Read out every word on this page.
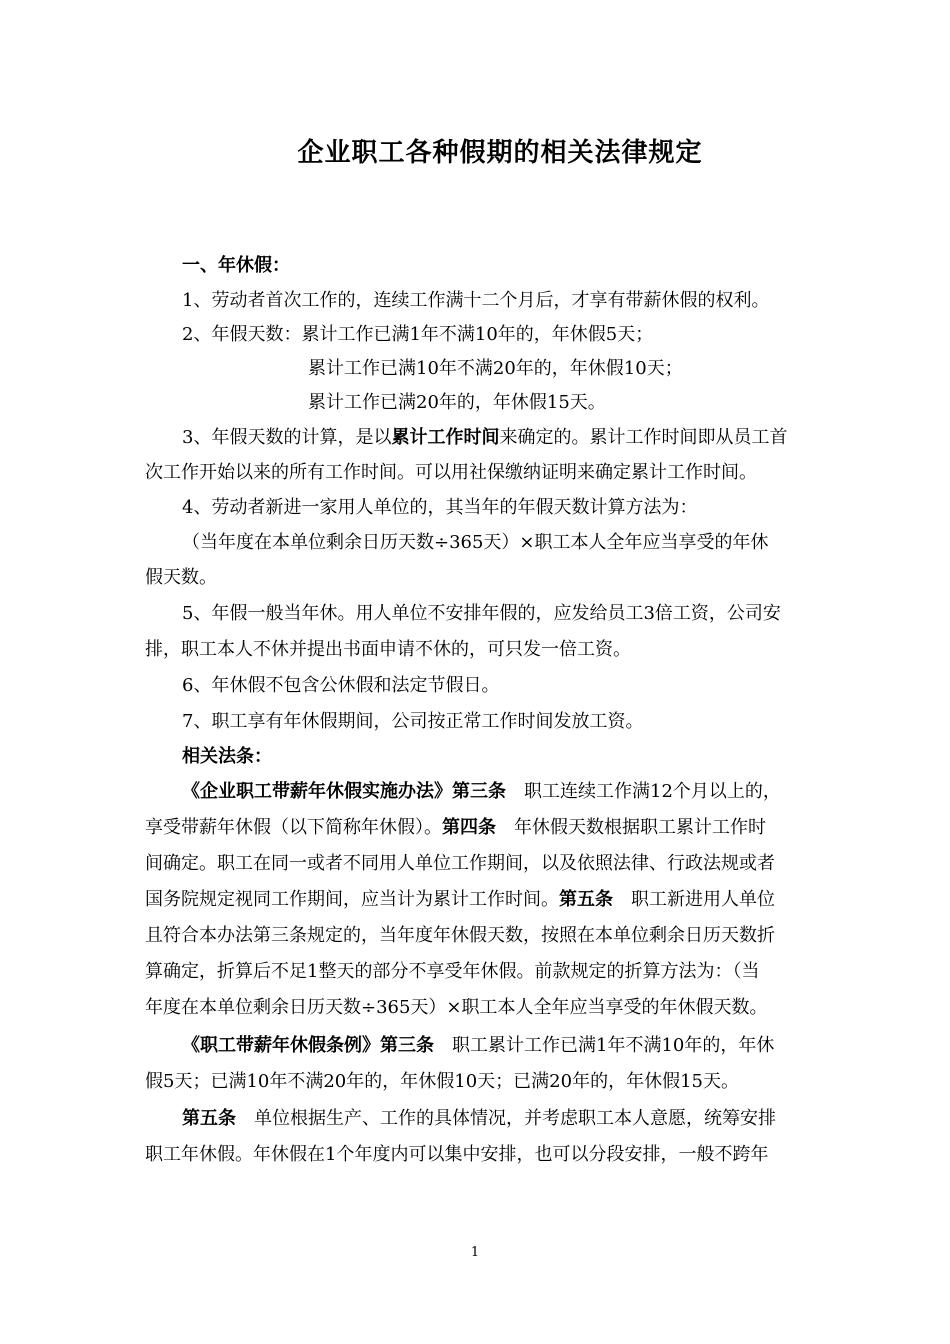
企业职工各种假期的相关法律规定
一、年休假：
1、劳动者首次工作的，连续工作满十二个月后，才享有带薪休假的权利。
2、年假天数：累计工作已满1年不满10年的，年休假5天；
累计工作已满10年不满20年的，年休假10天；
累计工作已满20年的，年休假15天。
3、年假天数的计算，是以累计工作时间来确定的。累计工作时间即从员工首
次工作开始以来的所有工作时间。可以用社保缴纳证明来确定累计工作时间。
4、劳动者新进一家用人单位的，其当年的年假天数计算方法为：
（当年度在本单位剩余日历天数÷365天）×职工本人全年应当享受的年休
假天数。
5、年假一般当年休。用人单位不安排年假的，应发给员工3倍工资，公司安
排，职工本人不休并提出书面申请不休的，可只发一倍工资。
6、年休假不包含公休假和法定节假日。
7、职工享有年休假期间，公司按正常工作时间发放工资。
相关法条：
《企业职工带薪年休假实施办法》第三条　职工连续工作满12个月以上的，
享受带薪年休假（以下简称年休假）。第四条　年休假天数根据职工累计工作时
间确定。职工在同一或者不同用人单位工作期间，以及依照法律、行政法规或者
国务院规定视同工作期间，应当计为累计工作时间。第五条　职工新进用人单位
且符合本办法第三条规定的，当年度年休假天数，按照在本单位剩余日历天数折
算确定，折算后不足1整天的部分不享受年休假。前款规定的折算方法为：（当
年度在本单位剩余日历天数÷365天）×职工本人全年应当享受的年休假天数。
《职工带薪年休假条例》第三条　职工累计工作已满1年不满10年的，年休
假5天；已满10年不满20年的，年休假10天；已满20年的，年休假15天。
第五条　单位根据生产、工作的具体情况，并考虑职工本人意愿，统筹安排
职工年休假。年休假在1个年度内可以集中安排，也可以分段安排，一般不跨年
1
